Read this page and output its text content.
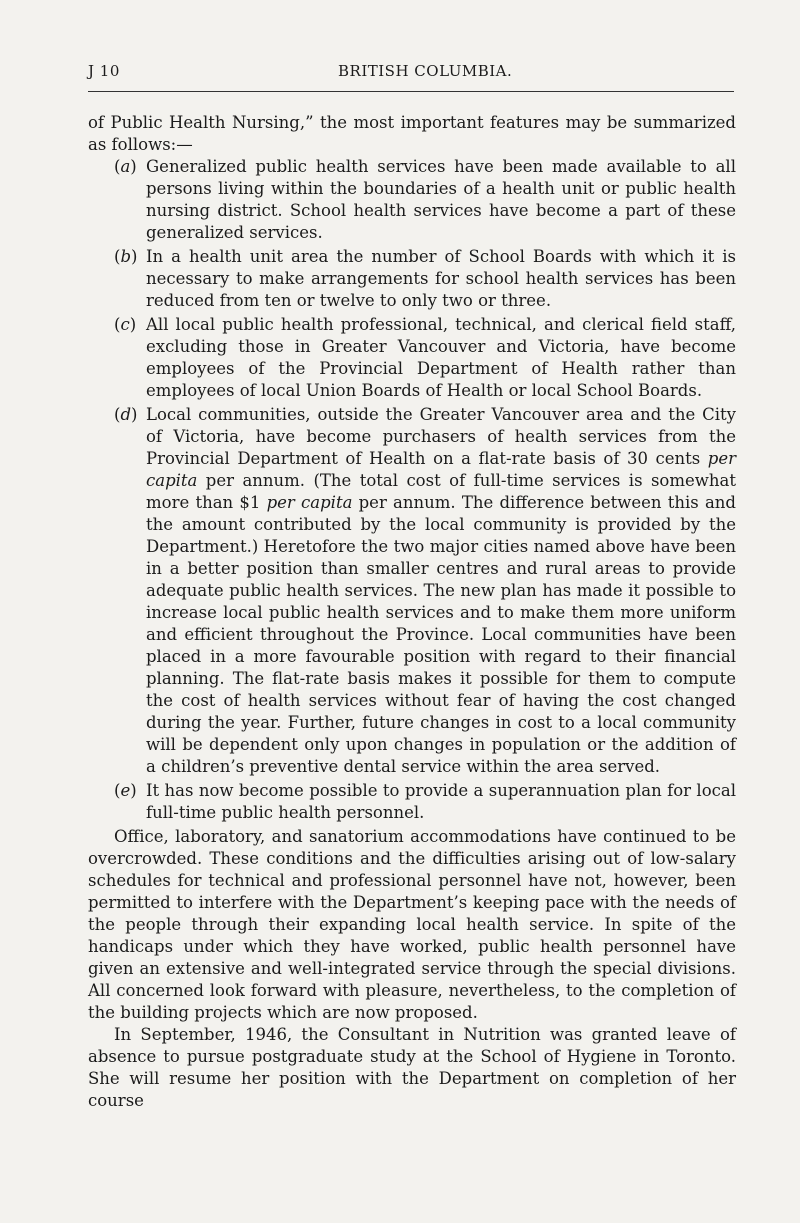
J 10	BRITISH COLUMBIA.

of Public Health Nursing,” the most important features may be summarized as follows:—

(a) Generalized public health services have been made available to all persons living within the boundaries of a health unit or public health nursing district. School health services have become a part of these generalized services.
(b) In a health unit area the number of School Boards with which it is necessary to make arrangements for school health services has been reduced from ten or twelve to only two or three.
(c) All local public health professional, technical, and clerical field staff, excluding those in Greater Vancouver and Victoria, have become employees of the Provincial Department of Health rather than employees of local Union Boards of Health or local School Boards.
(d) Local communities, outside the Greater Vancouver area and the City of Victoria, have become purchasers of health services from the Provincial Department of Health on a flat-rate basis of 30 cents per capita per annum. (The total cost of full-time services is somewhat more than $1 per capita per annum. The difference between this and the amount contributed by the local community is provided by the Department.) Heretofore the two major cities named above have been in a better position than smaller centres and rural areas to provide adequate public health services. The new plan has made it possible to increase local public health services and to make them more uniform and efficient throughout the Province. Local communities have been placed in a more favourable position with regard to their financial planning. The flat-rate basis makes it possible for them to compute the cost of health services without fear of having the cost changed during the year. Further, future changes in cost to a local community will be dependent only upon changes in population or the addition of a children’s preventive dental service within the area served.
(e) It has now become possible to provide a superannuation plan for local full-time public health personnel.

Office, laboratory, and sanatorium accommodations have continued to be overcrowded. These conditions and the difficulties arising out of low-salary schedules for technical and professional personnel have not, however, been permitted to interfere with the Department’s keeping pace with the needs of the people through their expanding local health service. In spite of the handicaps under which they have worked, public health personnel have given an extensive and well-integrated service through the special divisions. All concerned look forward with pleasure, nevertheless, to the completion of the building projects which are now proposed.

In September, 1946, the Consultant in Nutrition was granted leave of absence to pursue postgraduate study at the School of Hygiene in Toronto. She will resume her position with the Department on completion of her course
